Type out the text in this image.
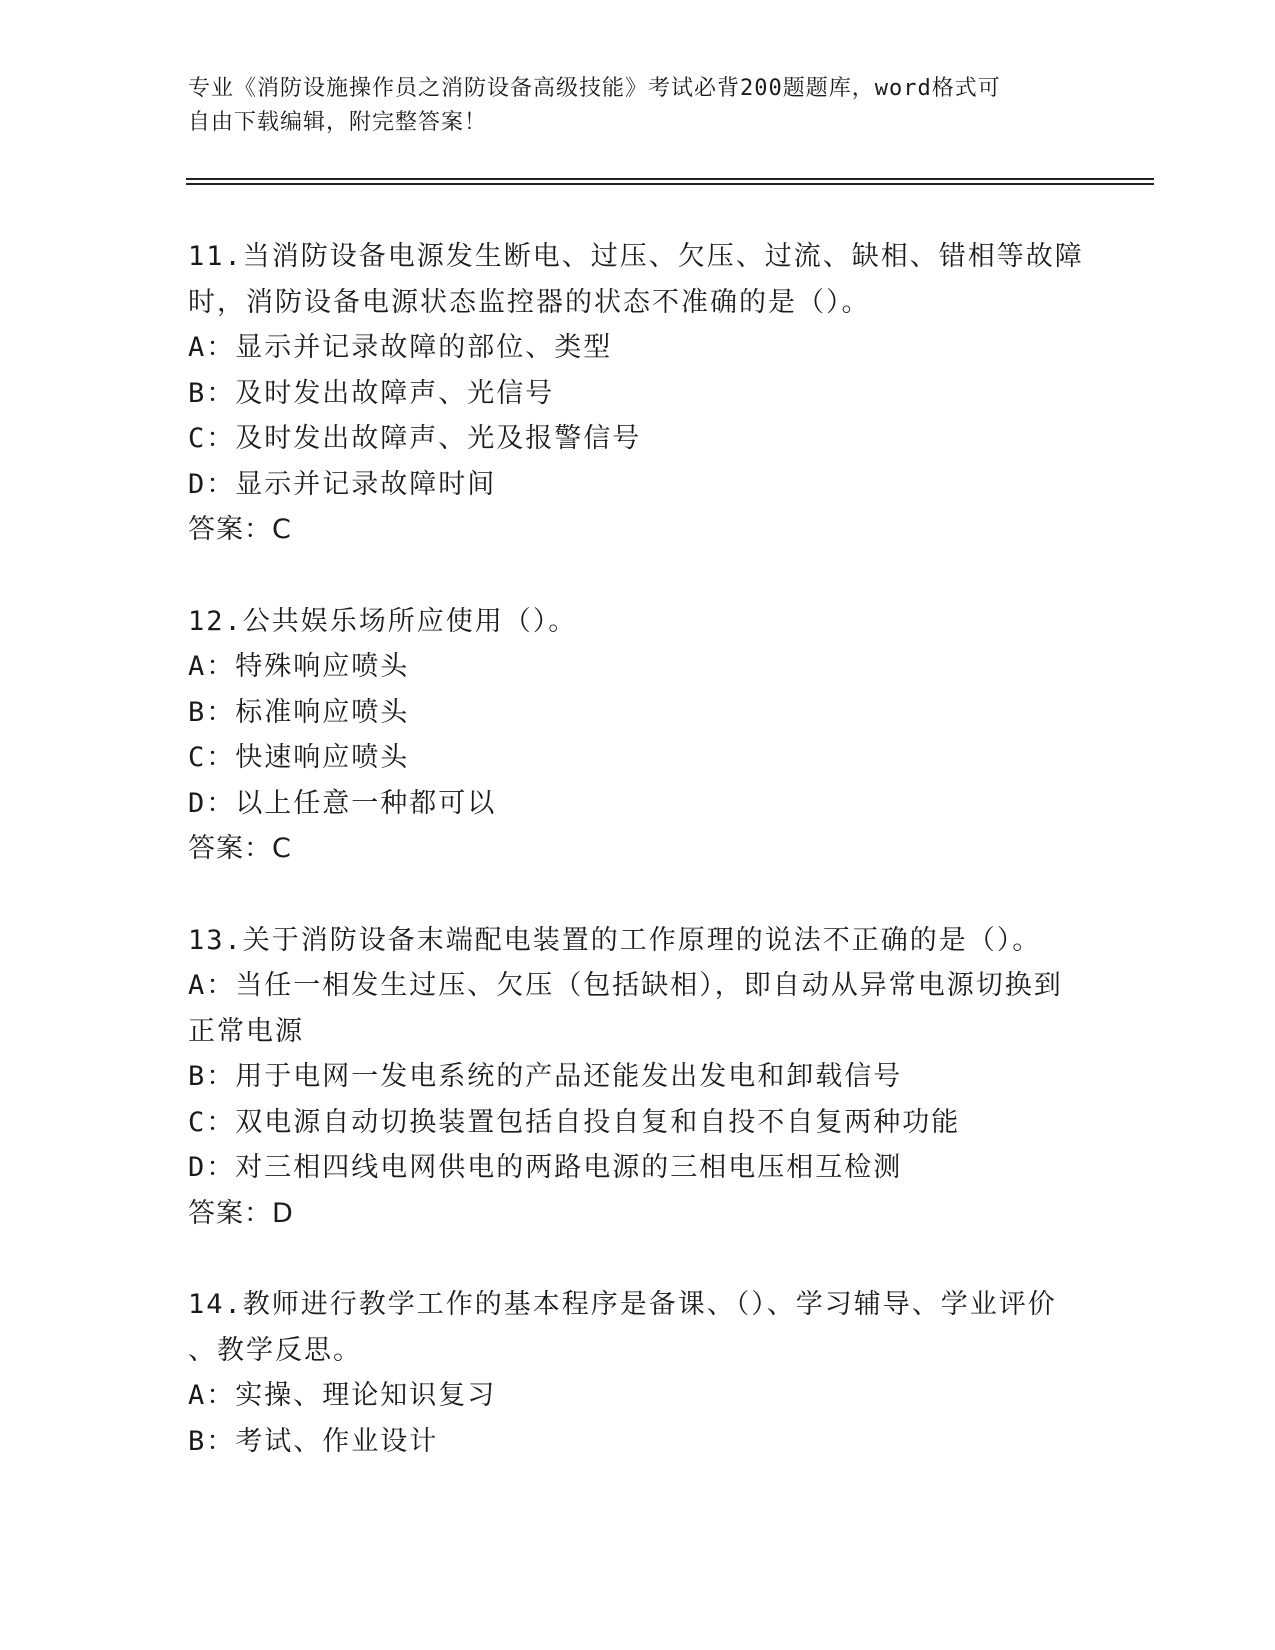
专业《消防设施操作员之消防设备高级技能》考试必背200题题库，word格式可
自由下载编辑，附完整答案！
11.当消防设备电源发生断电、过压、欠压、过流、缺相、错相等故障
时，消防设备电源状态监控器的状态不准确的是（）。
A：显示并记录故障的部位、类型
B：及时发出故障声、光信号
C：及时发出故障声、光及报警信号
D：显示并记录故障时间
答案：C
12.公共娱乐场所应使用（）。
A：特殊响应喷头
B：标准响应喷头
C：快速响应喷头
D：以上任意一种都可以
答案：C
13.关于消防设备末端配电装置的工作原理的说法不正确的是（）。
A：当任一相发生过压、欠压（包括缺相），即自动从异常电源切换到
正常电源
B：用于电网一发电系统的产品还能发出发电和卸载信号
C：双电源自动切换装置包括自投自复和自投不自复两种功能
D：对三相四线电网供电的两路电源的三相电压相互检测
答案：D
14.教师进行教学工作的基本程序是备课、（）、学习辅导、学业评价
、教学反思。
A：实操、理论知识复习
B：考试、作业设计
